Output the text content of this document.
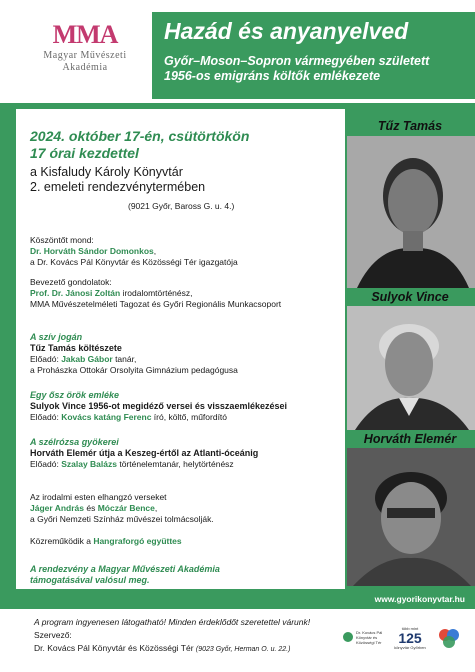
MMA
Magyar Művészeti
Akadémia
Hazád és anyanyelved
Győr–Moson–Sopron vármegyében született
1956-os emigráns költők emlékezete
Tűz Tamás
Sulyok Vince
Horváth Elemér
2024. október 17-én, csütörtökön
17 órai kezdettel
a Kisfaludy Károly Könyvtár
2. emeleti rendezvénytermében
(9021 Győr, Baross G. u. 4.)
Köszöntőt mond:
Dr. Horváth Sándor Domonkos,
a Dr. Kovács Pál Könyvtár és Közösségi Tér igazgatója
Bevezető gondolatok:
Prof. Dr. Jánosi Zoltán irodalomtörténész,
MMA Művészetelméleti Tagozat és Győri Regionális Munkacsoport
A szív jogán
Tűz Tamás költészete
Előadó: Jakab Gábor tanár,
a Prohászka Ottokár Orsolyita Gimnázium pedagógusa
Egy ősz örök emléke
Sulyok Vince 1956-ot megidéző versei és visszaemlékezései
Előadó: Kovács katáng Ferenc író, költő, műfordító
A szélrózsa gyökerei
Horváth Elemér útja a Keszeg-értől az Atlanti-óceánig
Előadó: Szalay Balázs történelemtanár, helytörténész
Az irodalmi esten elhangzó verseket
Jáger András és Móczár Bence,
a Győri Nemzeti Színház művészei tolmácsolják.
Közreműködik a Hangraforgó együttes
A rendezvény a Magyar Művészeti Akadémia
támogatásával valósul meg.
www.gyorikonyvtar.hu
A program ingyenesen látogatható! Minden érdeklődőt szeretettel várunk!
Szervező:
Dr. Kovács Pál Könyvtár és Közösségi Tér (9023 Győr, Herman O. u. 22.)
Dr. Kovács Pál Könyvtár és Közösségi Tér
több mint
125
könyvtár Győrben
